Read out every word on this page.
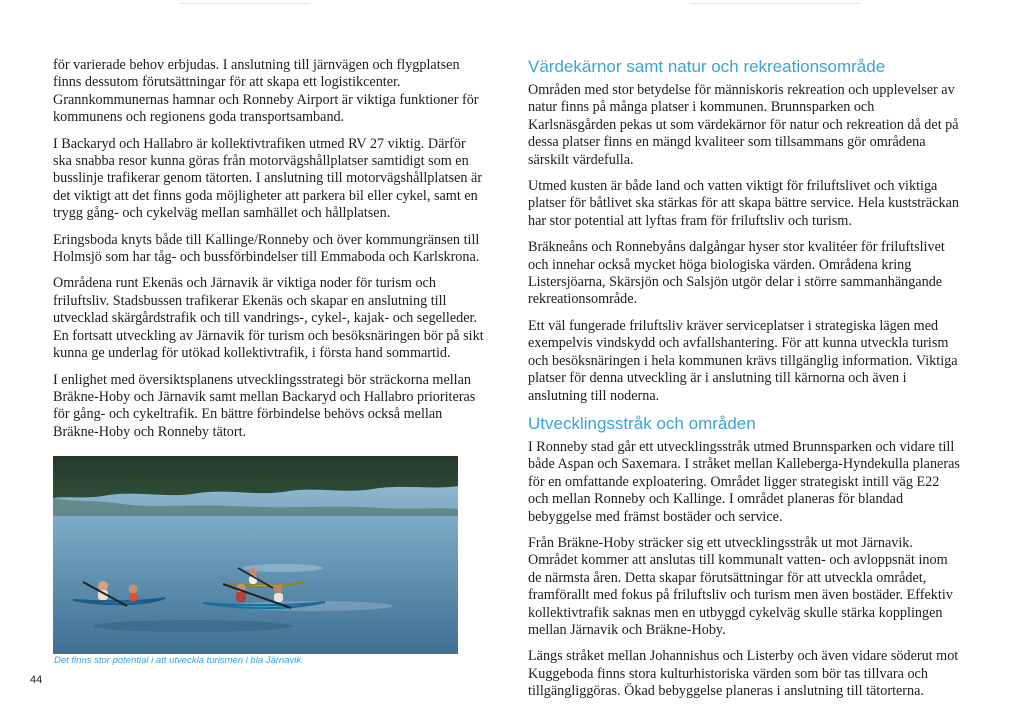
för varierade behov erbjudas. I anslutning till järnvägen och flygplatsen finns dessutom förutsättningar för att skapa ett logistikcenter. Grannkommunernas hamnar och Ronneby Airport är viktiga funktioner för kommunens och regionens goda transportsamband.

I Backaryd och Hallabro är kollektivtrafiken utmed RV 27 viktig. Därför ska snabba resor kunna göras från motorvägshållplatser samtidigt som en busslinje trafikerar genom tätorten. I anslutning till motorvägshållplatsen är det viktigt att det finns goda möjligheter att parkera bil eller cykel, samt en trygg gång- och cykelväg mellan samhället och hållplatsen.

Eringsboda knyts både till Kallinge/Ronneby och över kommungränsen till Holmsjö som har tåg- och bussförbindelser till Emmaboda och Karlskrona.

Områdena runt Ekenäs och Järnavik är viktiga noder för turism och friluftsliv. Stadsbussen trafikerar Ekenäs och skapar en anslutning till utvecklad skärgårdstrafik och till vandrings-, cykel-, kajak- och segelleder. En fortsatt utveckling av Järnavik för turism och besöksnäringen bör på sikt kunna ge underlag för utökad kollektivtrafik, i första hand sommartid.

I enlighet med översiktsplanens utvecklingsstrategi bör sträckorna mellan Bräkne-Hoby och Järnavik samt mellan Backaryd och Hallabro prioriteras för gång- och cykeltrafik. En bättre förbindelse behövs också mellan Bräkne-Hoby och Ronneby tätort.

Det finns stor potential i att utveckla turismen i bla Järnavik.
Värdekärnor samt natur och rekreationsområde

Områden med stor betydelse för människoris rekreation och upplevelser av natur finns på många platser i kommunen. Brunnsparken och Karlsnäsgården pekas ut som värdekärnor för natur och rekreation då det på dessa platser finns en mängd kvaliteer som tillsammans gör områdena särskilt värdefulla.

Utmed kusten är både land och vatten viktigt för friluftslivet och viktiga platser för båtlivet ska stärkas för att skapa bättre service. Hela kuststräckan har stor potential att lyftas fram för friluftsliv och turism.

Bräkneåns och Ronnebyåns dalgångar hyser stor kvalitéer för friluftslivet och innehar också mycket höga biologiska värden. Områdena kring Listersjöarna, Skärsjön och Salsjön utgör delar i större sammanhängande rekreationsområde.

Ett väl fungerade friluftsliv kräver serviceplatser i strategiska lägen med exempelvis vindskydd och avfallshantering. För att kunna utveckla turism och besöksnäringen i hela kommunen krävs tillgänglig information. Viktiga platser för denna utveckling är i anslutning till kärnorna och även i anslutning till noderna.

Utvecklingsstråk och områden

I Ronneby stad går ett utvecklingsstråk utmed Brunnsparken och vidare till både Aspan och Saxemara. I stråket mellan Kalleberga-Hyndekulla planeras för en omfattande exploatering. Området ligger strategiskt intill väg E22 och mellan Ronneby och Kallinge. I området planeras för blandad bebyggelse med främst bostäder och service.

Från Bräkne-Hoby sträcker sig ett utvecklingsstråk ut mot Järnavik. Området kommer att anslutas till kommunalt vatten- och avloppsnät inom de närmsta åren. Detta skapar förutsättningar för att utveckla området, framförallt med fokus på friluftsliv och turism men även bostäder. Effektiv kollektivtrafik saknas men en utbyggd cykelväg skulle stärka kopplingen mellan Järnavik och Bräkne-Hoby.

Längs stråket mellan Johannishus och Listerby och även vidare söderut mot Kuggeboda finns stora kulturhistoriska värden som bör tas tillvara och tillgängliggöras. Ökad bebyggelse planeras i anslutning till tätorterna.

44
